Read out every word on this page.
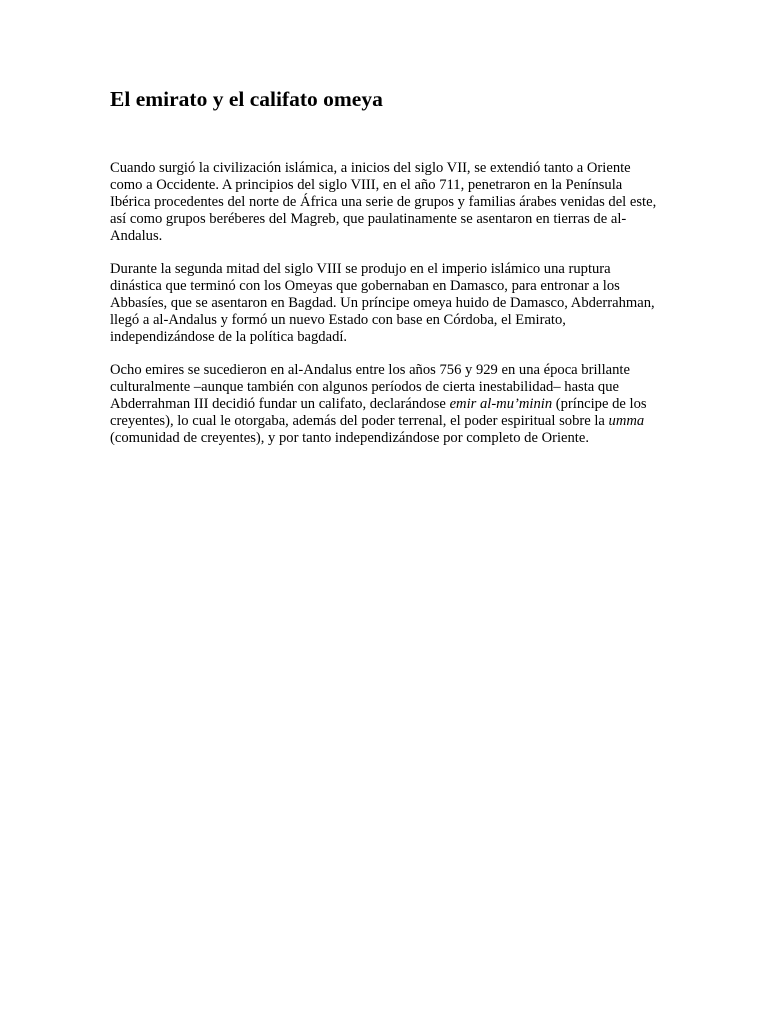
El emirato y el califato omeya

Cuando surgió la civilización islámica, a inicios del siglo VII, se extendió tanto a Oriente como a Occidente. A principios del siglo VIII, en el año 711, penetraron en la Península Ibérica procedentes del norte de África una serie de grupos y familias árabes venidas del este, así como grupos beréberes del Magreb, que paulatinamente se asentaron en tierras de al-Andalus.

Durante la segunda mitad del siglo VIII se produjo en el imperio islámico una ruptura dinástica que terminó con los Omeyas que gobernaban en Damasco, para entronar a los Abbasíes, que se asentaron en Bagdad. Un príncipe omeya huido de Damasco, Abderrahman, llegó a al-Andalus y formó un nuevo Estado con base en Córdoba, el Emirato, independizándose de la política bagdadí.

Ocho emires se sucedieron en al-Andalus entre los años 756 y 929 en una época brillante culturalmente –aunque también con algunos períodos de cierta inestabilidad– hasta que Abderrahman III decidió fundar un califato, declarándose emir al-mu’minin (príncipe de los creyentes), lo cual le otorgaba, además del poder terrenal, el poder espiritual sobre la umma (comunidad de creyentes), y por tanto independizándose por completo de Oriente.
